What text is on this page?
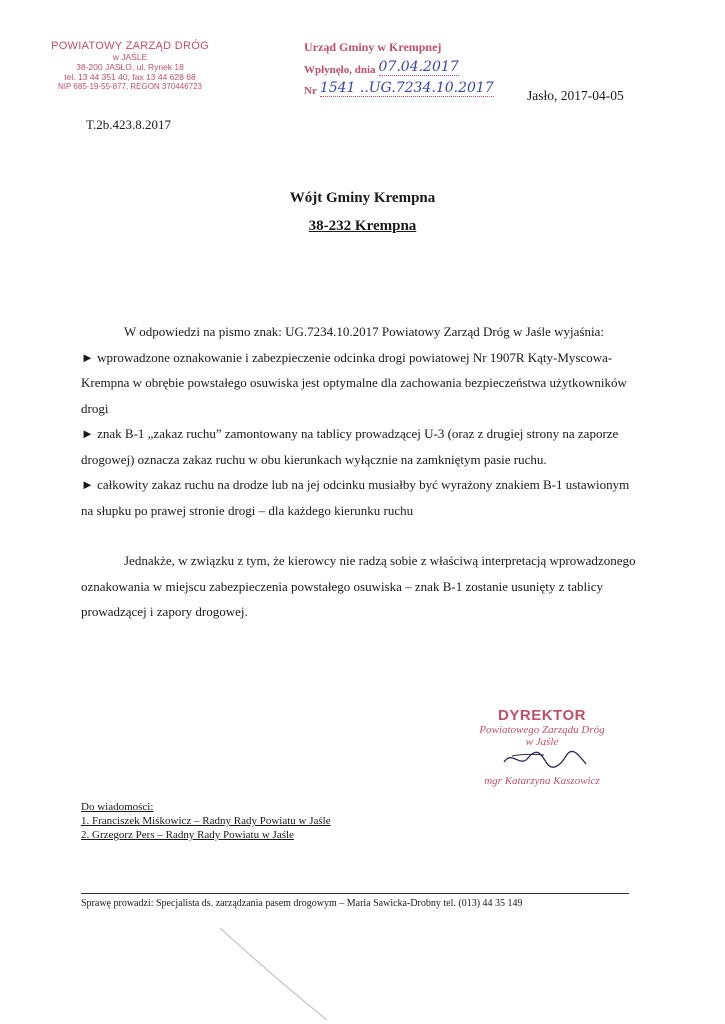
POWIATOWY ZARZĄD DRÓG
w JAŚLE
38-200 JASŁO, ul. Rynek 18
tel. 13 44 351 40, fax 13 44 628 68
NIP 685-19-55-877, REGON 370446723
T.2b.423.8.2017
Urząd Gminy w Krempnej
Wpłynęło, dnia 07.04.2017
Nr 1541 ..UG.7234.10.2017 Jasło, 2017-04-05
Wójt Gminy Krempna
38-232 Krempna

W odpowiedzi na pismo znak: UG.7234.10.2017 Powiatowy Zarząd Dróg w Jaśle wyjaśnia:

► wprowadzone oznakowanie i zabezpieczenie odcinka drogi powiatowej Nr 1907R Kąty-Myscowa-Krempna w obrębie powstałego osuwiska jest optymalne dla zachowania bezpieczeństwa użytkowników drogi

► znak B-1 „zakaz ruchu” zamontowany na tablicy prowadzącej U-3 (oraz z drugiej strony na zaporze drogowej) oznacza zakaz ruchu w obu kierunkach wyłącznie na zamkniętym pasie ruchu.

► całkowity zakaz ruchu na drodze lub na jej odcinku musiałby być wyrażony znakiem B-1 ustawionym na słupku po prawej stronie drogi – dla każdego kierunku ruchu

Jednakże, w związku z tym, że kierowcy nie radzą sobie z właściwą interpretacją wprowadzonego oznakowania w miejscu zabezpieczenia powstałego osuwiska – znak B-1 zostanie usunięty z tablicy prowadzącej i zapory drogowej.

DYREKTOR
Powiatowego Zarządu Dróg
w Jaśle
mgr Katarzyna Kaszowicz
Do wiadomości:
1. Franciszek Miśkowicz – Radny Rady Powiatu w Jaśle
2. Grzegorz Pers – Radny Rady Powiatu w Jaśle
Sprawę prowadzi: Specjalista ds. zarządzania pasem drogowym – Maria Sawicka-Drobny tel. (013) 44 35 149
